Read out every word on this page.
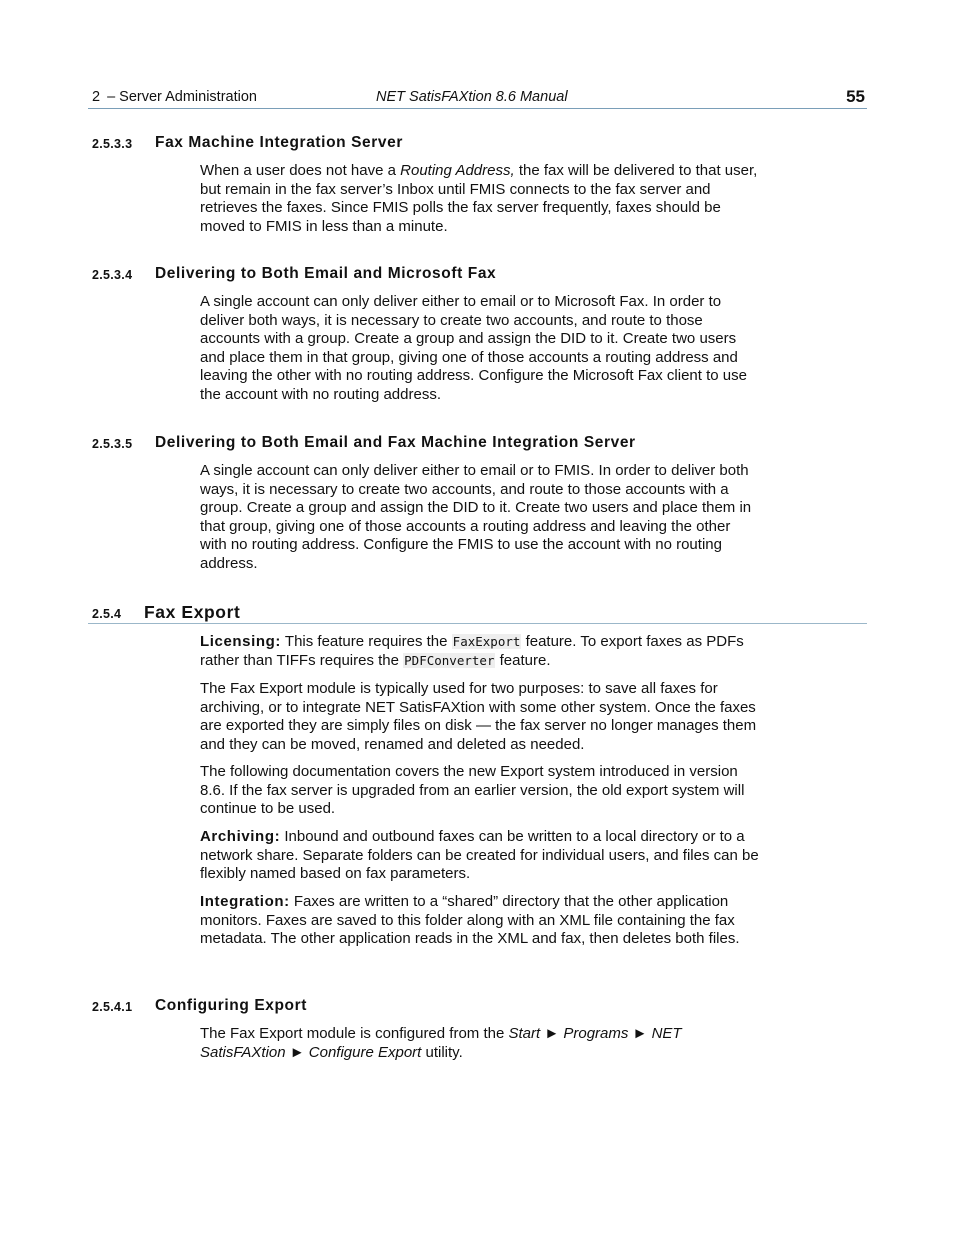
2 – Server Administration	NET SatisFAXtion 8.6 Manual	55
2.5.3.3 Fax Machine Integration Server

When a user does not have a Routing Address, the fax will be delivered to that user, but remain in the fax server’s Inbox until FMIS connects to the fax server and retrieves the faxes. Since FMIS polls the fax server frequently, faxes should be moved to FMIS in less than a minute.

2.5.3.4 Delivering to Both Email and Microsoft Fax

A single account can only deliver either to email or to Microsoft Fax. In order to deliver both ways, it is necessary to create two accounts, and route to those accounts with a group. Create a group and assign the DID to it. Create two users and place them in that group, giving one of those accounts a routing address and leaving the other with no routing address. Configure the Microsoft Fax client to use the account with no routing address.

2.5.3.5 Delivering to Both Email and Fax Machine Integration Server

A single account can only deliver either to email or to FMIS. In order to deliver both ways, it is necessary to create two accounts, and route to those accounts with a group. Create a group and assign the DID to it. Create two users and place them in that group, giving one of those accounts a routing address and leaving the other with no routing address. Configure the FMIS to use the account with no routing address.

2.5.4 Fax Export

Licensing: This feature requires the FaxExport feature. To export faxes as PDFs rather than TIFFs requires the PDFConverter feature.

The Fax Export module is typically used for two purposes: to save all faxes for archiving, or to integrate NET SatisFAXtion with some other system. Once the faxes are exported they are simply files on disk — the fax server no longer manages them and they can be moved, renamed and deleted as needed.

The following documentation covers the new Export system introduced in version 8.6. If the fax server is upgraded from an earlier version, the old export system will continue to be used.

Archiving: Inbound and outbound faxes can be written to a local directory or to a network share. Separate folders can be created for individual users, and files can be flexibly named based on fax parameters.

Integration: Faxes are written to a “shared” directory that the other application monitors. Faxes are saved to this folder along with an XML file containing the fax metadata. The other application reads in the XML and fax, then deletes both files.

2.5.4.1 Configuring Export

The Fax Export module is configured from the Start ► Programs ► NET SatisFAXtion ► Configure Export utility.
